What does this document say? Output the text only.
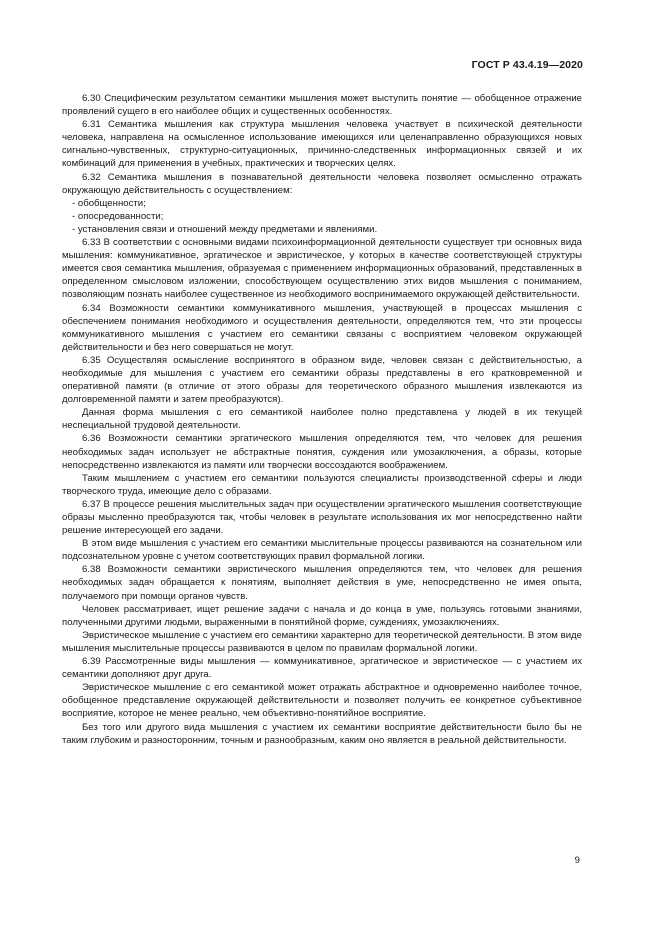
ГОСТ Р 43.4.19—2020

6.30 Специфическим результатом семантики мышления может выступить понятие — обобщенное отражение проявлений сущего в его наиболее общих и существенных особенностях.

6.31 Семантика мышления как структура мышления человека участвует в психической деятельности человека, направлена на осмысленное использование имеющихся или целенаправленно образующихся новых сигнально-чувственных, структурно-ситуационных, причинно-следственных информационных связей и их комбинаций для применения в учебных, практических и творческих целях.

6.32 Семантика мышления в познавательной деятельности человека позволяет осмысленно отражать окружающую действительность с осуществлением:

- обобщенности;

- опосредованности;

- установления связи и отношений между предметами и явлениями.

6.33 В соответствии с основными видами психоинформационной деятельности существует три основных вида мышления: коммуникативное, эргатическое и эвристическое, у которых в качестве соответствующей структуры имеется своя семантика мышления, образуемая с применением информационных образований, представленных в определенном смысловом изложении, способствующем осуществлению этих видов мышления с пониманием, позволяющим познать наиболее существенное из необходимого воспринимаемого окружающей действительности.

6.34 Возможности семантики коммуникативного мышления, участвующей в процессах мышления с обеспечением понимания необходимого и осуществления деятельности, определяются тем, что эти процессы коммуникативного мышления с участием его семантики связаны с восприятием человеком окружающей действительности и без него совершаться не могут.

6.35 Осуществляя осмысление воспринятого в образном виде, человек связан с действительностью, а необходимые для мышления с участием его семантики образы представлены в его кратковременной и оперативной памяти (в отличие от этого образы для теоретического образного мышления извлекаются из долговременной памяти и затем преобразуются).

Данная форма мышления с его семантикой наиболее полно представлена у людей в их текущей неспециальной трудовой деятельности.

6.36 Возможности семантики эргатического мышления определяются тем, что человек для решения необходимых задач использует не абстрактные понятия, суждения или умозаключения, а образы, которые непосредственно извлекаются из памяти или творчески воссоздаются воображением.

Таким мышлением с участием его семантики пользуются специалисты производственной сферы и люди творческого труда, имеющие дело с образами.

6.37 В процессе решения мыслительных задач при осуществлении эргатического мышления соответствующие образы мысленно преобразуются так, чтобы человек в результате использования их мог непосредственно найти решение интересующей его задачи.

В этом виде мышления с участием его семантики мыслительные процессы развиваются на сознательном или подсознательном уровне с учетом соответствующих правил формальной логики.

6.38 Возможности семантики эвристического мышления определяются тем, что человек для решения необходимых задач обращается к понятиям, выполняет действия в уме, непосредственно не имея опыта, получаемого при помощи органов чувств.

Человек рассматривает, ищет решение задачи с начала и до конца в уме, пользуясь готовыми знаниями, полученными другими людьми, выраженными в понятийной форме, суждениях, умозаключениях.

Эвристическое мышление с участием его семантики характерно для теоретической деятельности. В этом виде мышления мыслительные процессы развиваются в целом по правилам формальной логики.

6.39 Рассмотренные виды мышления — коммуникативное, эргатическое и эвристическое — с участием их семантики дополняют друг друга.

Эвристическое мышление с его семантикой может отражать абстрактное и одновременно наиболее точное, обобщенное представление окружающей действительности и позволяет получить ее конкретное субъективное восприятие, которое не менее реально, чем объективно-понятийное восприятие.

Без того или другого вида мышления с участием их семантики восприятие действительности было бы не таким глубоким и разносторонним, точным и разнообразным, каким оно является в реальной действительности.

9
